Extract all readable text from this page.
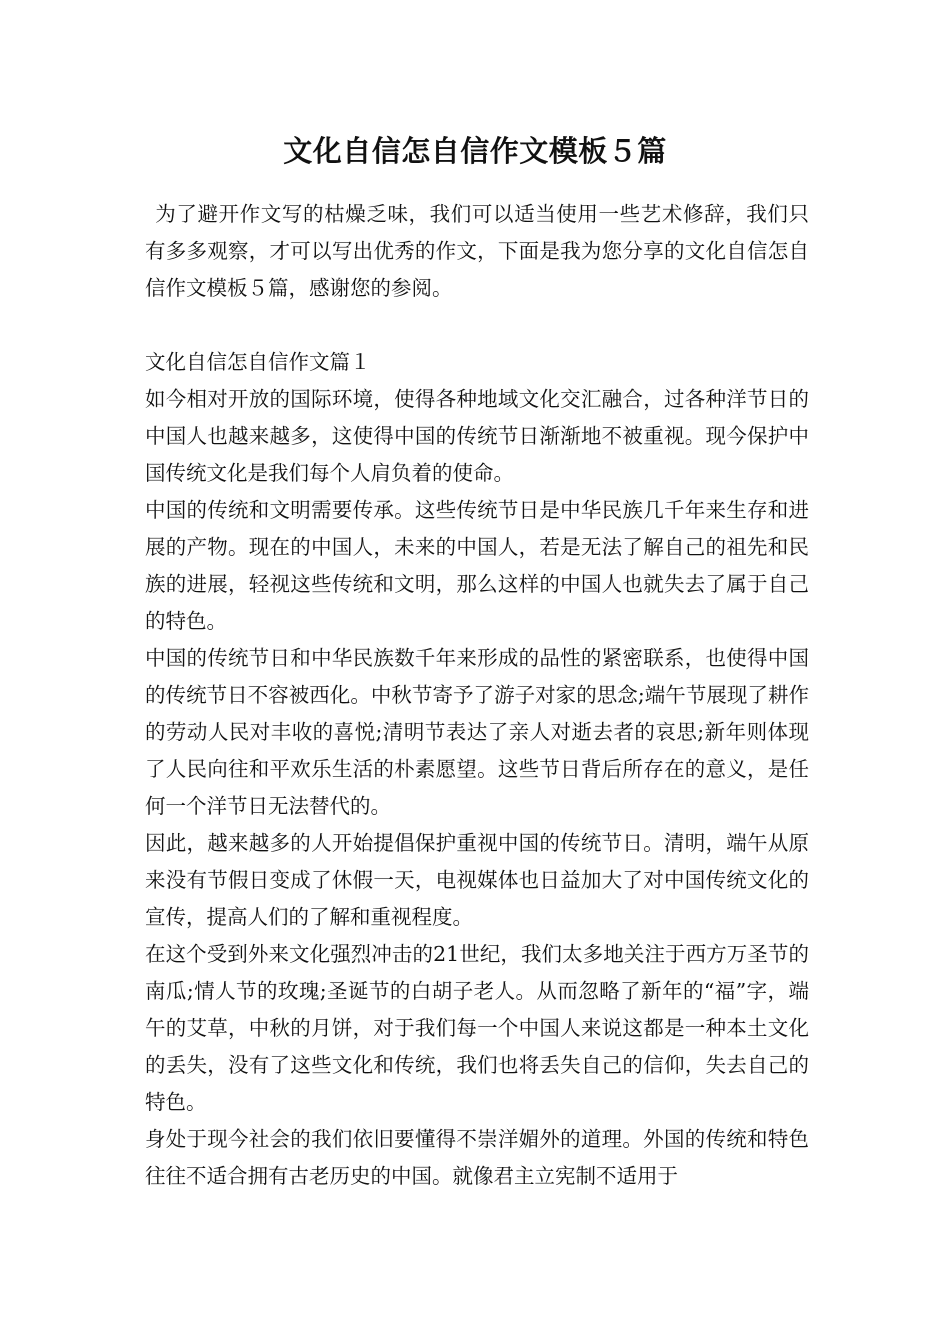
文化自信怎自信作文模板５篇

为了避开作文写的枯燥乏味，我们可以适当使用一些艺术修辞，我们只有多多观察，才可以写出优秀的作文，下面是我为您分享的文化自信怎自信作文模板５篇，感谢您的参阅。

文化自信怎自信作文篇１

如今相对开放的国际环境，使得各种地域文化交汇融合，过各种洋节日的中国人也越来越多，这使得中国的传统节日渐渐地不被重视。现今保护中国传统文化是我们每个人肩负着的使命。

中国的传统和文明需要传承。这些传统节日是中华民族几千年来生存和进展的产物。现在的中国人，未来的中国人，若是无法了解自己的祖先和民族的进展，轻视这些传统和文明，那么这样的中国人也就失去了属于自己的特色。

中国的传统节日和中华民族数千年来形成的品性的紧密联系，也使得中国的传统节日不容被西化。中秋节寄予了游子对家的思念;端午节展现了耕作的劳动人民对丰收的喜悦;清明节表达了亲人对逝去者的哀思;新年则体现了人民向往和平欢乐生活的朴素愿望。这些节日背后所存在的意义，是任何一个洋节日无法替代的。

因此，越来越多的人开始提倡保护重视中国的传统节日。清明，端午从原来没有节假日变成了休假一天，电视媒体也日益加大了对中国传统文化的宣传，提高人们的了解和重视程度。

在这个受到外来文化强烈冲击的21世纪，我们太多地关注于西方万圣节的南瓜;情人节的玫瑰;圣诞节的白胡子老人。从而忽略了新年的“福”字，端午的艾草，中秋的月饼，对于我们每一个中国人来说这都是一种本土文化的丢失，没有了这些文化和传统，我们也将丢失自己的信仰，失去自己的特色。

身处于现今社会的我们依旧要懂得不崇洋媚外的道理。外国的传统和特色往往不适合拥有古老历史的中国。就像君主立宪制不适用于
